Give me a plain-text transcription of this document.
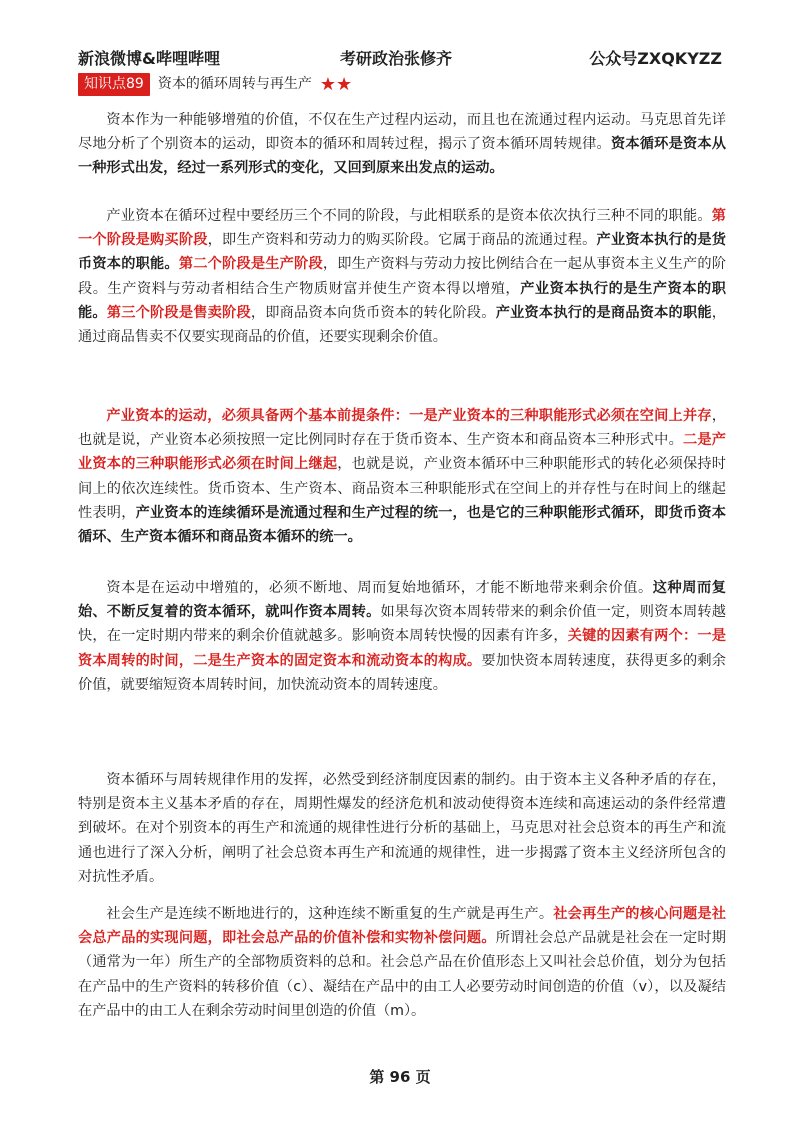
新浪微博&哔哩哔哩	考研政治张修齐	公众号ZXQKYZZ
知识点89	资本的循环周转与再生产 ★★
资本作为一种能够增殖的价值，不仅在生产过程内运动，而且也在流通过程内运动。马克思首先详尽地分析了个别资本的运动，即资本的循环和周转过程，揭示了资本循环周转规律。资本循环是资本从一种形式出发，经过一系列形式的变化，又回到原来出发点的运动。
产业资本在循环过程中要经历三个不同的阶段，与此相联系的是资本依次执行三种不同的职能。第一个阶段是购买阶段，即生产资料和劳动力的购买阶段。它属于商品的流通过程。产业资本执行的是货币资本的职能。第二个阶段是生产阶段，即生产资料与劳动力按比例结合在一起从事资本主义生产的阶段。生产资料与劳动者相结合生产物质财富并使生产资本得以增殖，产业资本执行的是生产资本的职能。第三个阶段是售卖阶段，即商品资本向货币资本的转化阶段。产业资本执行的是商品资本的职能，通过商品售卖不仅要实现商品的价值，还要实现剩余价值。
产业资本的运动，必须具备两个基本前提条件：一是产业资本的三种职能形式必须在空间上并存，也就是说，产业资本必须按照一定比例同时存在于货币资本、生产资本和商品资本三种形式中。二是产业资本的三种职能形式必须在时间上继起，也就是说，产业资本循环中三种职能形式的转化必须保持时间上的依次连续性。货币资本、生产资本、商品资本三种职能形式在空间上的并存性与在时间上的继起性表明，产业资本的连续循环是流通过程和生产过程的统一，也是它的三种职能形式循环，即货币资本循环、生产资本循环和商品资本循环的统一。
资本是在运动中增殖的，必须不断地、周而复始地循环，才能不断地带来剩余价值。这种周而复始、不断反复着的资本循环，就叫作资本周转。如果每次资本周转带来的剩余价值一定，则资本周转越快，在一定时期内带来的剩余价值就越多。影响资本周转快慢的因素有许多，关键的因素有两个：一是资本周转的时间，二是生产资本的固定资本和流动资本的构成。要加快资本周转速度，获得更多的剩余价值，就要缩短资本周转时间，加快流动资本的周转速度。
资本循环与周转规律作用的发挥，必然受到经济制度因素的制约。由于资本主义各种矛盾的存在，特别是资本主义基本矛盾的存在，周期性爆发的经济危机和波动使得资本连续和高速运动的条件经常遭到破坏。在对个别资本的再生产和流通的规律性进行分析的基础上，马克思对社会总资本的再生产和流通也进行了深入分析，阐明了社会总资本再生产和流通的规律性，进一步揭露了资本主义经济所包含的对抗性矛盾。
社会生产是连续不断地进行的，这种连续不断重复的生产就是再生产。社会再生产的核心问题是社会总产品的实现问题，即社会总产品的价值补偿和实物补偿问题。所谓社会总产品就是社会在一定时期（通常为一年）所生产的全部物质资料的总和。社会总产品在价值形态上又叫社会总价值，划分为包括在产品中的生产资料的转移价值（c）、凝结在产品中的由工人必要劳动时间创造的价值（v），以及凝结在产品中的由工人在剩余劳动时间里创造的价值（m）。
第 96 页
